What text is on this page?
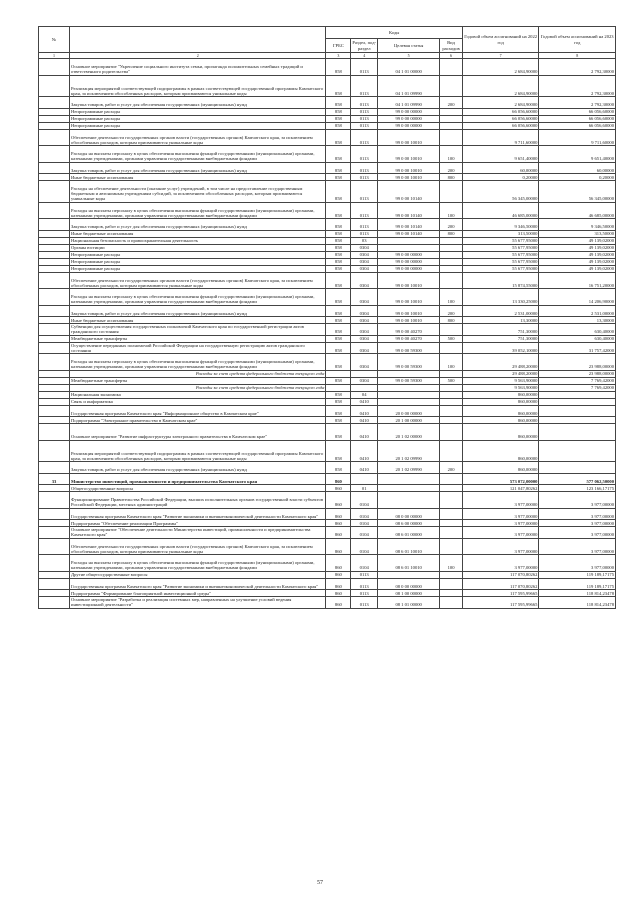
№		Коды				Годовой объем ассигнований на 2022 год	Годовой объем ассигнований на 2023 год
		ГРБС	Раздел, под-раздел	Целевая статья	Вид расходов		
1	2	3	4	5	6	7	8
	Основное мероприятие "Укрепление социального института семьи, пропаганда положительных семейных традиций и ответственного родительства"	858	0113	04 1 01 00000		2 684,90000	2 792,30000
	Реализация мероприятий соответствующей подпрограммы в рамках соответствующей государственной программы Камчатского края, за исключением обособленных расходов, которым присваиваются уникальные коды	858	0113	04 1 01 09990		2 684,90000	2 792,30000
	Закупка товаров, работ и услуг для обеспечения государственных (муниципальных) нужд	858	0113	04 1 01 09990	200	2 684,90000	2 792,30000
	Непрограммные расходы	858	0113	99 0 00 00000		66 056,60000	66 056,60000
	Непрограммные расходы	858	0113	99 0 00 00000		66 056,60000	66 056,60000
	Непрограммные расходы	858	0113	99 0 00 00000		66 056,60000	66 056,60000
	Обеспечение деятельности государственных органов власти (государственных органов) Камчатского края, за исключением обособленных расходов, которым присваиваются уникальные коды	858	0113	99 0 00 10010		9 711,60000	9 711,60000
	Расходы на выплаты персоналу в целях обеспечения выполнения функций государственными (муниципальными) органами, казенными учреждениями, органами управления государственными внебюджетными фондами	858	0113	99 0 00 10010	100	9 651,40000	9 651,40000
	Закупка товаров, работ и услуг для обеспечения государственных (муниципальных) нужд	858	0113	99 0 00 10010	200	60,00000	60,00000
	Иные бюджетные ассигнования	858	0113	99 0 00 10010	800	0,20000	0,20000
	Расходы на обеспечение деятельности (оказание услуг) учреждений, в том числе на предоставление государственным бюджетным и автономным учреждениям субсидий, за исключением обособленных расходов, которым присваиваются уникальные коды	858	0113	99 0 00 10140		56 345,00000	56 345,00000
	Расходы на выплаты персоналу в целях обеспечения выполнения функций государственными (муниципальными) органами, казенными учреждениями, органами управления государственными внебюджетными фондами	858	0113	99 0 00 10140	100	46 685,00000	46 685,00000
	Закупка товаров, работ и услуг для обеспечения государственных (муниципальных) нужд	858	0113	99 0 00 10140	200	9 346,50000	9 346,50000
	Иные бюджетные ассигнования	858	0113	99 0 00 10140	800	313,50000	313,50000
	Национальная безопасность и правоохранительная деятельность	858	03			55 677,95000	49 139,02000
	Органы юстиции	858	0304			55 677,95000	49 139,02000
	Непрограммные расходы	858	0304	99 0 00 00000		55 677,95000	49 139,02000
	Непрограммные расходы	858	0304	99 0 00 00000		55 677,95000	49 139,02000
	Непрограммные расходы	858	0304	99 0 00 00000		55 677,95000	49 139,02000
	Обеспечение деятельности государственных органов власти (государственных органов) Камчатского края, за исключением обособленных расходов, которым присваиваются уникальные коды	858	0304	99 0 00 10010		15 874,55000	16 751,20000
	Расходы на выплаты персоналу в целях обеспечения выполнения функций государственными (муниципальными) органами, казенными учреждениями, органами управления государственными внебюджетными фондами	858	0304	99 0 00 10010	100	13 330,25000	14 206,90000
	Закупка товаров, работ и услуг для обеспечения государственных (муниципальных) нужд	858	0304	99 0 00 10010	200	2 531,00000	2 531,00000
	Иные бюджетные ассигнования	858	0304	99 0 00 10010	800	13,30000	13,30000
	Субвенции для осуществления государственных полномочий Камчатского края по государственной регистрации актов гражданского состояния	858	0304	99 0 00 40270		751,30000	630,40000
	Межбюджетные трансферты	858	0304	99 0 00 40270	500	751,30000	630,40000
	Осуществление переданных полномочий Российской Федерации на государственную регистрацию актов гражданского состояния	858	0304	99 0 00 59300		39 052,10000	31 757,42000
	Расходы на выплаты персоналу в целях обеспечения выполнения функций государственными (муниципальными) органами, казенными учреждениями, органами управления государственными внебюджетными фондами	858	0304	99 0 00 59300	100	29 488,20000	23 988,00000
	Расходы за счет средств федерального бюджета текущего года					29 488,20000	23 988,00000
	Межбюджетные трансферты	858	0304	99 0 00 59300	500	9 563,90000	7 769,42000
	Расходы за счет средств федерального бюджета текущего года					9 563,90000	7 769,42000
	Национальная экономика	858	04			860,00000	
	Связь и информатика	858	0410			860,00000	
	Государственная программа Камчатского края "Информационное общество в Камчатском крае"	858	0410	20 0 00 00000		860,00000	
	Подпрограмма "Электронное правительство в Камчатском крае"	858	0410	20 1 00 00000		860,00000	
	Основное мероприятие "Развитие инфраструктуры электронного правительства в Камчатском крае"	858	0410	20 1 02 00000		860,00000	
	Реализация мероприятий соответствующей подпрограммы в рамках соответствующей государственной программы Камчатского края, за исключением обособленных расходов, которым присваиваются уникальные коды	858	0410	20 1 02 09990		860,00000	
	Закупка товаров, работ и услуг для обеспечения государственных (муниципальных) нужд	858	0410	20 1 02 09990	200	860,00000	
33	Министерство инвестиций, промышленности и предпринимательства Камчатского края	860				573 072,00000	577 062,50000
	Общегосударственные вопросы	860	01			121 047,80262	123 166,17175
	Функционирование Правительства Российской Федерации, высших исполнительных органов государственной власти субъектов Российской Федерации, местных администраций	860	0104			3 977,00000	3 977,00000
	Государственная программа Камчатского края "Развитие экономики и внешнеэкономической деятельности Камчатского края"	860	0104	08 0 00 00000		3 977,00000	3 977,00000
	Подпрограмма "Обеспечение реализации Программы"	860	0104	08 6 00 00000		3 977,00000	3 977,00000
	Основное мероприятие "Обеспечение деятельности Министерства инвестиций, промышленности и предпринимательства Камчатского края"	860	0104	08 6 01 00000		3 977,00000	3 977,00000
	Обеспечение деятельности государственных органов власти (государственных органов) Камчатского края, за исключением обособленных расходов, которым присваиваются уникальные коды	860	0104	08 6 01 10010		3 977,00000	3 977,00000
	Расходы на выплаты персоналу в целях обеспечения выполнения функций государственными (муниципальными) органами, казенными учреждениями, органами управления государственными внебюджетными фондами	860	0104	08 6 01 10010	100	3 977,00000	3 977,00000
	Другие общегосударственные вопросы	860	0113			117 070,80262	119 189,17175
	Государственная программа Камчатского края "Развитие экономики и внешнеэкономической деятельности Камчатского края"	860	0113	08 0 00 00000		117 070,80262	119 189,17175
	Подпрограмма "Формирование благоприятной инвестиционной среды"	860	0113	08 1 00 00000		117 595,99665	118 814,23478
	Основное мероприятие "Разработка и реализация системных мер, направленных на улучшение условий ведения инвестиционной деятельности"	860	0113	08 1 01 00000		117 595,99665	118 814,23478
57
